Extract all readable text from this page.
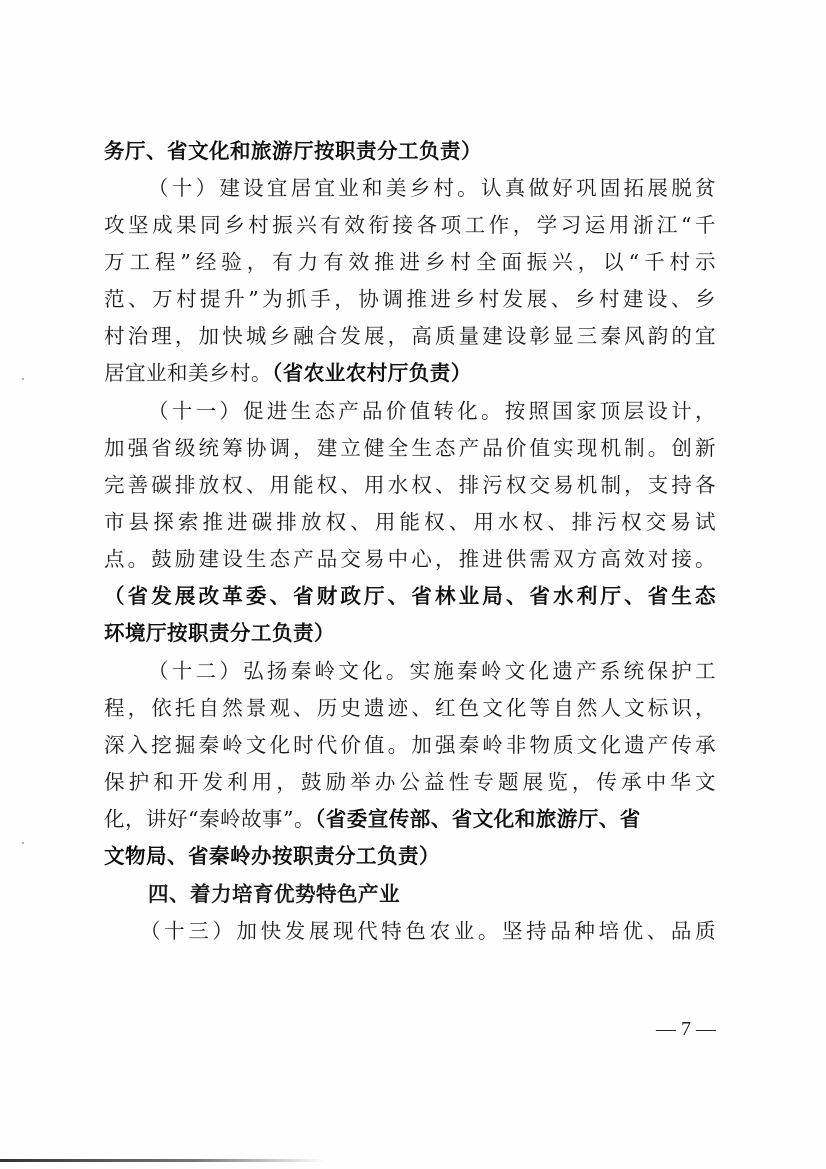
务厅、省文化和旅游厅按职责分工负责）
（十）建设宜居宜业和美乡村。认真做好巩固拓展脱贫
攻坚成果同乡村振兴有效衔接各项工作，学习运用浙江“千
万工程”经验，有力有效推进乡村全面振兴，以“千村示
范、万村提升”为抓手，协调推进乡村发展、乡村建设、乡
村治理，加快城乡融合发展，高质量建设彰显三秦风韵的宜
居宜业和美乡村。（省农业农村厅负责）
（十一）促进生态产品价值转化。按照国家顶层设计，
加强省级统筹协调，建立健全生态产品价值实现机制。创新
完善碳排放权、用能权、用水权、排污权交易机制，支持各
市县探索推进碳排放权、用能权、用水权、排污权交易试
点。鼓励建设生态产品交易中心，推进供需双方高效对接。
（省发展改革委、省财政厅、省林业局、省水利厅、省生态
环境厅按职责分工负责）
（十二）弘扬秦岭文化。实施秦岭文化遗产系统保护工
程，依托自然景观、历史遗迹、红色文化等自然人文标识，
深入挖掘秦岭文化时代价值。加强秦岭非物质文化遗产传承
保护和开发利用，鼓励举办公益性专题展览，传承中华文
化，讲好“秦岭故事”。（省委宣传部、省文化和旅游厅、省
文物局、省秦岭办按职责分工负责）
四、着力培育优势特色产业
（十三）加快发展现代特色农业。坚持品种培优、品质
— 7 —
